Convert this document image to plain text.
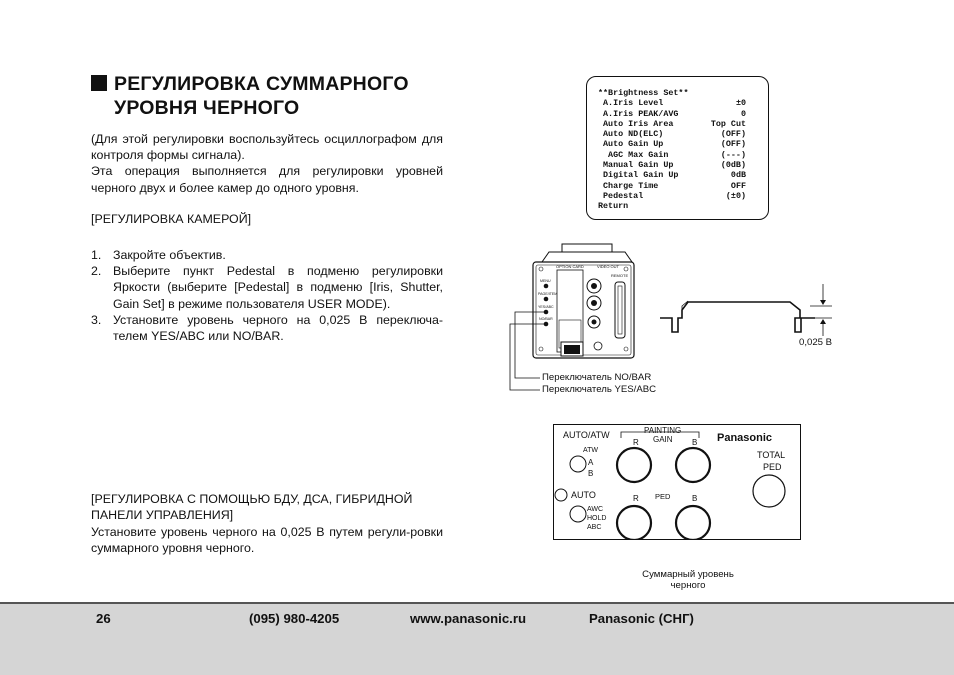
РЕГУЛИРОВКА СУММАРНОГО
УРОВНЯ ЧЕРНОГО
(Для этой регулировки воспользуйтесь осциллографом для контроля формы сигнала).
Эта операция выполняется для регулировки уровней черного двух и более камер до одного уровня.
[РЕГУЛИРОВКА КАМЕРОЙ]
1. Закройте объектив.
2. Выберите пункт Pedestal в подменю регулировки Яркости (выберите [Pedestal] в подменю [Iris, Shutter, Gain Set] в режиме пользователя USER MODE).
3. Установите уровень черного на 0,025 В переключа-телем YES/ABC или NO/BAR.
[РЕГУЛИРОВКА С ПОМОЩЬЮ БДУ, ДСА, ГИБРИДНОЙ ПАНЕЛИ УПРАВЛЕНИЯ]
Установите уровень черного на 0,025 В путем регули-ровки суммарного уровня черного.
**Brightness Set**
A.Iris Level	±0
A.Iris PEAK/AVG	0
Auto Iris Area	Top Cut
Auto ND(ELC)	(OFF)
Auto Gain Up	(OFF)
AGC Max Gain	(---)
Manual Gain Up	(0dB)
Digital Gain Up	0dB
Charge Time	OFF
Pedestal	(±0)
Return
OPTION CARD	VIDEO OUT
REMOTE
MENU
PAGE/ITEM
YES/ABC
NO/BAR
Переключатель NO/BAR
Переключатель YES/ABC
0,025 В
AUTO/ATW	PAINTING
GAIN	Panasonic
R	B
ATW
A
B
AUTO
AWC
HOLD
ABC
R PED	B
TOTAL
PED
Суммарный уровень
черного
26	(095) 980-4205	www.panasonic.ru	Panasonic (СНГ)
